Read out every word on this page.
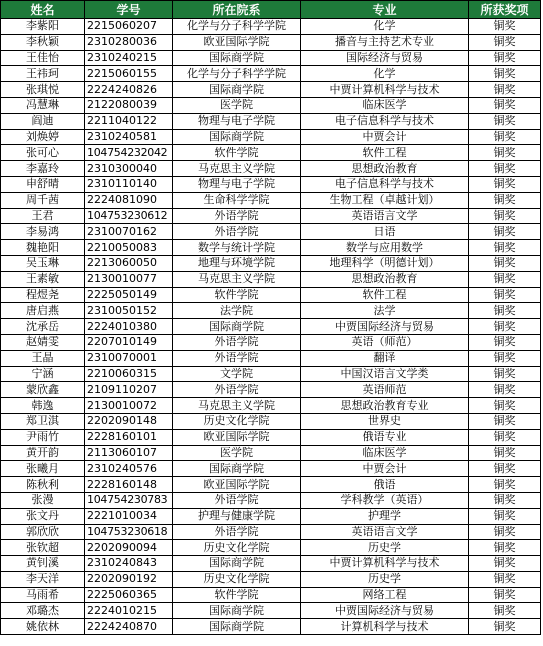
姓名	学号	所在院系	专业	所获奖项
李紫阳	2215060207	化学与分子科学学院	化学	铜奖
李秋颖	2310280036	欧亚国际学院	播音与主持艺术专业	铜奖
王佳怡	2310240215	国际商学院	国际经济与贸易	铜奖
王祎珂	2215060155	化学与分子科学学院	化学	铜奖
张琪悦	2224240826	国际商学院	中贾计算机科学与技术	铜奖
冯慧琳	2122080039	医学院	临床医学	铜奖
阎迪	2211040122	物理与电子学院	电子信息科学与技术	铜奖
刘焕婷	2310240581	国际商学院	中贾会计	铜奖
张可心	104754232042	软件学院	软件工程	铜奖
李嘉玲	2310300040	马克思主义学院	思想政治教育	铜奖
申舒晴	2310110140	物理与电子学院	电子信息科学与技术	铜奖
周千茜	2224081090	生命科学学院	生物工程（卓越计划）	铜奖
王君	104753230612	外语学院	英语语言文学	铜奖
李易鸿	2310070162	外语学院	日语	铜奖
魏艳阳	2210050083	数学与统计学院	数学与应用数学	铜奖
吴玉琳	2213060050	地理与环境学院	地理科学（明德计划）	铜奖
王素敏	2130010077	马克思主义学院	思想政治教育	铜奖
程煜尧	2225050149	软件学院	软件工程	铜奖
唐启燕	2310050152	法学院	法学	铜奖
沈承岳	2224010380	国际商学院	中贾国际经济与贸易	铜奖
赵婧雯	2207010149	外语学院	英语（师范）	铜奖
王晶	2310070001	外语学院	翻译	铜奖
宁涵	2210060315	文学院	中国汉语言文学类	铜奖
蒙欣鑫	2109110207	外语学院	英语师范	铜奖
韩逸	2130010072	马克思主义学院	思想政治教育专业	铜奖
郑卫淇	2202090148	历史文化学院	世界史	铜奖
尹雨竹	2228160101	欧亚国际学院	俄语专业	铜奖
黄开韵	2113060107	医学院	临床医学	铜奖
张曦月	2310240576	国际商学院	中贾会计	铜奖
陈秋利	2228160148	欧亚国际学院	俄语	铜奖
张漫	104754230783	外语学院	学科教学（英语）	铜奖
张文丹	2221010034	护理与健康学院	护理学	铜奖
郭欣欣	104753230618	外语学院	英语语言文学	铜奖
张钦超	2202090094	历史文化学院	历史学	铜奖
黄钊溪	2310240843	国际商学院	中贾计算机科学与技术	铜奖
李天洋	2202090192	历史文化学院	历史学	铜奖
马雨希	2225060365	软件学院	网络工程	铜奖
邓璐杰	2224010215	国际商学院	中贾国际经济与贸易	铜奖
姚依林	2224240870	国际商学院	计算机科学与技术	铜奖
